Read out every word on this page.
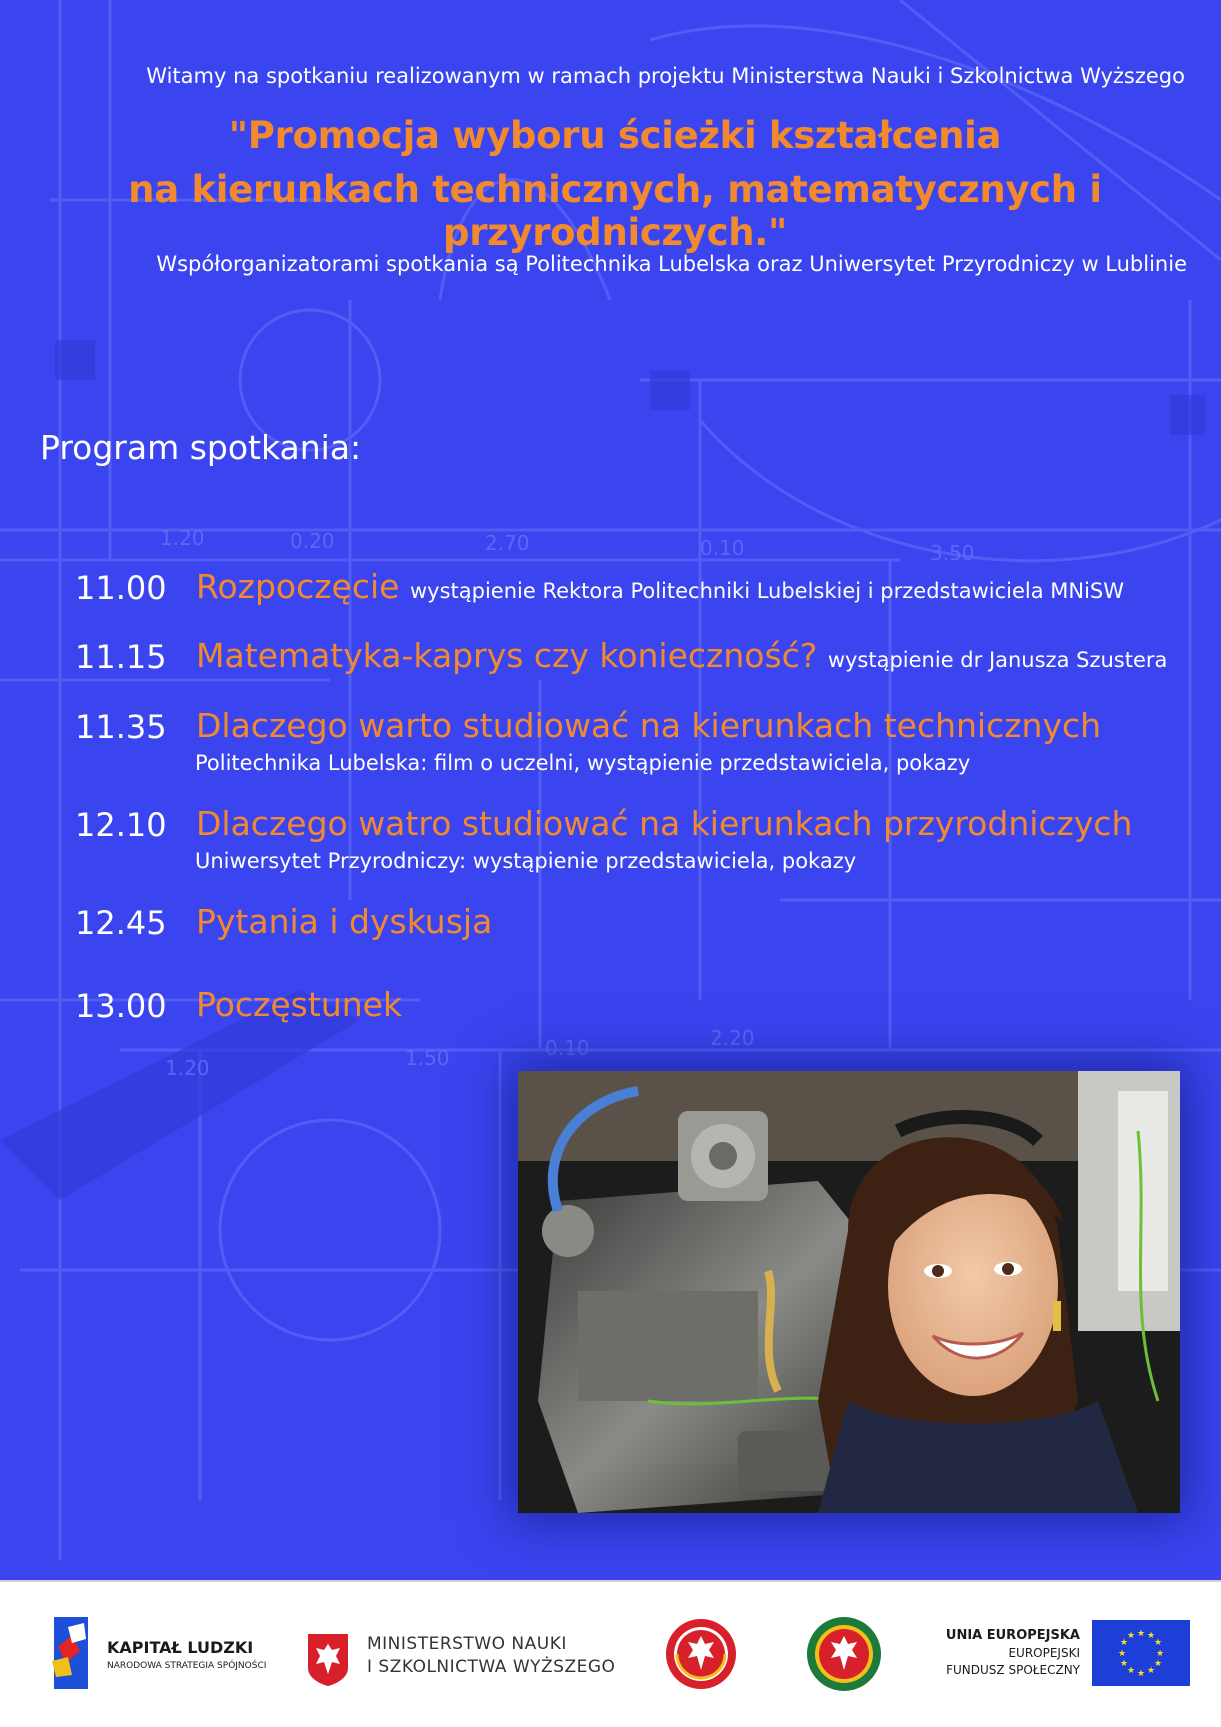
1.20	0.20	2.70	0.10	3.50
1.20	1.50	0.10	2.20
Witamy na spotkaniu realizowanym w ramach projektu Ministerstwa Nauki i Szkolnictwa Wyższego
"Promocja wyboru ścieżki kształcenia
na kierunkach technicznych, matematycznych i przyrodniczych."
Współorganizatorami spotkania są Politechnika Lubelska oraz Uniwersytet Przyrodniczy w Lublinie
Program spotkania:
11.00 Rozpoczęcie wystąpienie Rektora Politechniki Lubelskiej i przedstawiciela MNiSW
11.15 Matematyka-kaprys czy konieczność? wystąpienie dr Janusza Szustera
11.35 Dlaczego warto studiować na kierunkach technicznych
Politechnika Lubelska: film o uczelni, wystąpienie przedstawiciela, pokazy
12.10 Dlaczego watro studiować na kierunkach przyrodniczych
Uniwersytet Przyrodniczy: wystąpienie przedstawiciela, pokazy
12.45 Pytania i dyskusja
13.00 Poczęstunek
KAPITAŁ LUDZKI
NARODOWA STRATEGIA SPÓJNOŚCI
MINISTERSTWO NAUKI
I SZKOLNICTWA WYŻSZEGO
UNIA EUROPEJSKA
EUROPEJSKI
FUNDUSZ SPOŁECZNY
★ ★
★
★
★
★
★
★
★
★
★
★
